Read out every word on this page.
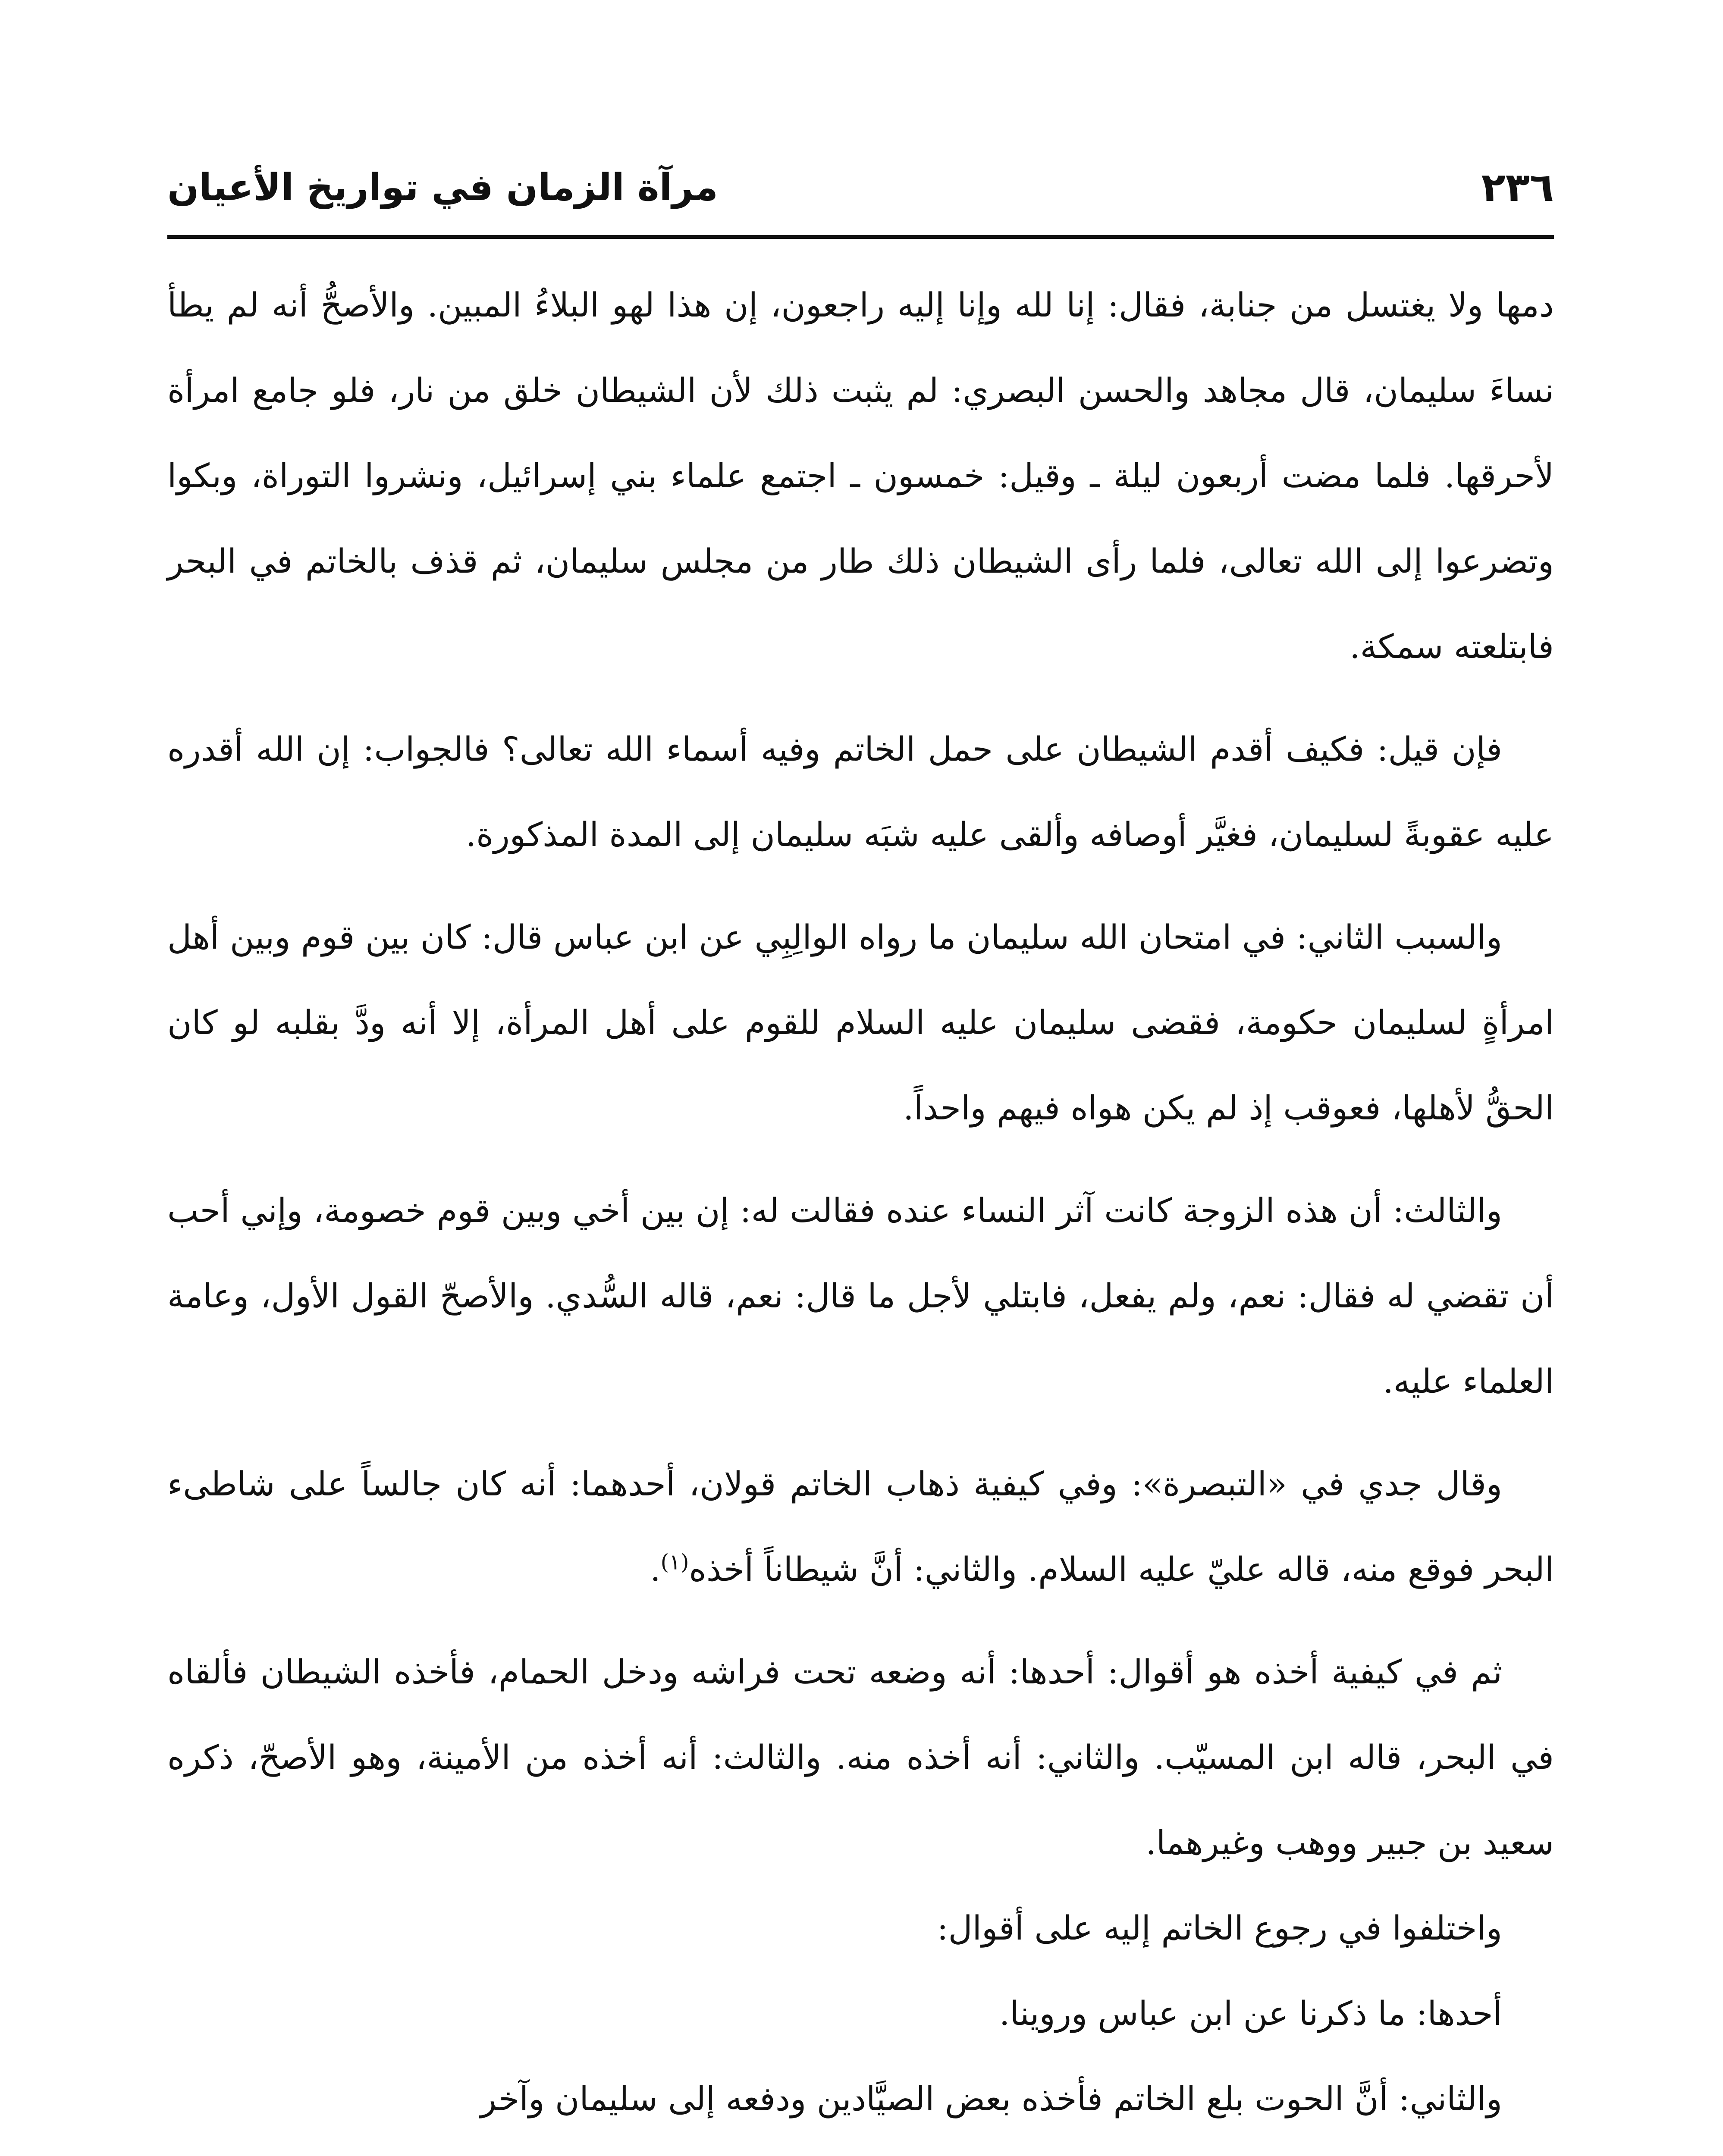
٢٣٦
مرآة الزمان في تواريخ الأعيان

دمها ولا يغتسل من جنابة، فقال: إنا لله وإنا إليه راجعون، إن هذا لهو البلاءُ المبين. والأصحُّ أنه لم يطأ نساءَ سليمان، قال مجاهد والحسن البصري: لم يثبت ذلك لأن الشيطان خلق من نار، فلو جامع امرأة لأحرقها. فلما مضت أربعون ليلة ـ وقيل: خمسون ـ اجتمع علماء بني إسرائيل، ونشروا التوراة، وبكوا وتضرعوا إلى الله تعالى، فلما رأى الشيطان ذلك طار من مجلس سليمان، ثم قذف بالخاتم في البحر فابتلعته سمكة.

فإن قيل: فكيف أقدم الشيطان على حمل الخاتم وفيه أسماء الله تعالى؟ فالجواب: إن الله أقدره عليه عقوبةً لسليمان، فغيَّر أوصافه وألقى عليه شبَه سليمان إلى المدة المذكورة.

والسبب الثاني: في امتحان الله سليمان ما رواه الوالِبِي عن ابن عباس قال: كان بين قوم وبين أهل امرأةٍ لسليمان حكومة، فقضى سليمان عليه السلام للقوم على أهل المرأة، إلا أنه ودَّ بقلبه لو كان الحقُّ لأهلها، فعوقب إذ لم يكن هواه فيهم واحداً.

والثالث: أن هذه الزوجة كانت آثر النساء عنده فقالت له: إن بين أخي وبين قوم خصومة، وإني أحب أن تقضي له فقال: نعم، ولم يفعل، فابتلي لأجل ما قال: نعم، قاله السُّدي. والأصحّ القول الأول، وعامة العلماء عليه.

وقال جدي في «التبصرة»: وفي كيفية ذهاب الخاتم قولان، أحدهما: أنه كان جالساً على شاطىء البحر فوقع منه، قاله عليّ عليه السلام. والثاني: أنَّ شيطاناً أخذه$^{(١)}$.

ثم في كيفية أخذه هو أقوال: أحدها: أنه وضعه تحت فراشه ودخل الحمام، فأخذه الشيطان فألقاه في البحر، قاله ابن المسيّب. والثاني: أنه أخذه منه. والثالث: أنه أخذه من الأمينة، وهو الأصحّ، ذكره سعيد بن جبير ووهب وغيرهما.

واختلفوا في رجوع الخاتم إليه على أقوال:

أحدها: ما ذكرنا عن ابن عباس وروينا.

والثاني: أنَّ الحوت بلع الخاتم فأخذه بعض الصيَّادين ودفعه إلى سليمان وآخر
